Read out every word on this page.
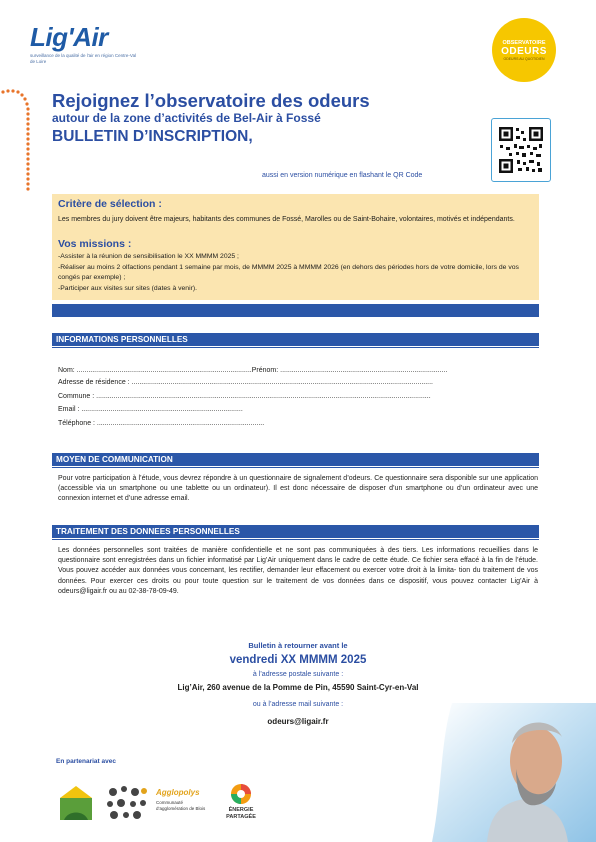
Lig'Air
surveillance de la qualité de l'air en région Centre-Val de Loire
OBSERVATOIRE
ODEURS
ODEURS AU QUOTIDIEN
Rejoignez l’observatoire des odeurs
autour de la zone d’activités de Bel-Air à Fossé
BULLETIN D’INSCRIPTION,
aussi en version numérique en flashant le QR Code
Critère de sélection :
Les membres du jury doivent être majeurs, habitants des communes de Fossé, Marolles ou de Saint-Bohaire, volontaires, motivés et indépendants.
Vos missions :
-Assister à la réunion de sensibilisation le XX MMMM 2025 ;
-Réaliser au moins 2 olfactions pendant 1 semaine par mois, de MMMM 2025 à MMMM 2026 (en dehors des périodes hors de votre domicile, lors de vos congés par exemple) ;
-Participer aux visites sur sites (dates à venir).
INFORMATIONS PERSONNELLES
Nom: ..........................................................................................Prénom: ......................................................................................
Adresse de résidence : ...........................................................................................................................................................
Commune : ............................................................................................................................................................................
Email : ...................................................................................
Téléphone : ......................................................................................
MOYEN DE COMMUNICATION
Pour votre participation à l’étude, vous devrez répondre à un questionnaire de signalement d’odeurs. Ce questionnaire sera disponible sur une application (accessible via un smartphone ou une tablette ou un ordinateur). Il est donc nécessaire de disposer d’un smartphone ou d’un ordinateur avec une connexion internet et d’une adresse email.
TRAITEMENT DES DONNEES PERSONNELLES
Les données personnelles sont traitées de manière confidentielle et ne sont pas communiquées à des tiers. Les informations recueillies dans le questionnaire sont enregistrées dans un fichier informatisé par Lig’Air uniquement dans le cadre de cette étude. Ce fichier sera effacé à la fin de l’étude. Vous pouvez accéder aux données vous concernant, les rectifier, demander leur effacement ou exercer votre droit à la limita- tion du traitement de vos données. Pour exercer ces droits ou pour toute question sur le traitement de vos données dans ce dispositif, vous pouvez contacter Lig’Air à odeurs@ligair.fr ou au 02-38-78-09-49.
Bulletin à retourner avant le
vendredi XX MMMM 2025
à l’adresse postale suivante :
Lig’Air, 260 avenue de la Pomme de Pin, 45590 Saint-Cyr-en-Val
ou à l’adresse mail suivante :
odeurs@ligair.fr
En partenariat avec
Agglopolys
Communauté d’agglomération de Blois	ÉNERGIE
PARTAGÉE
